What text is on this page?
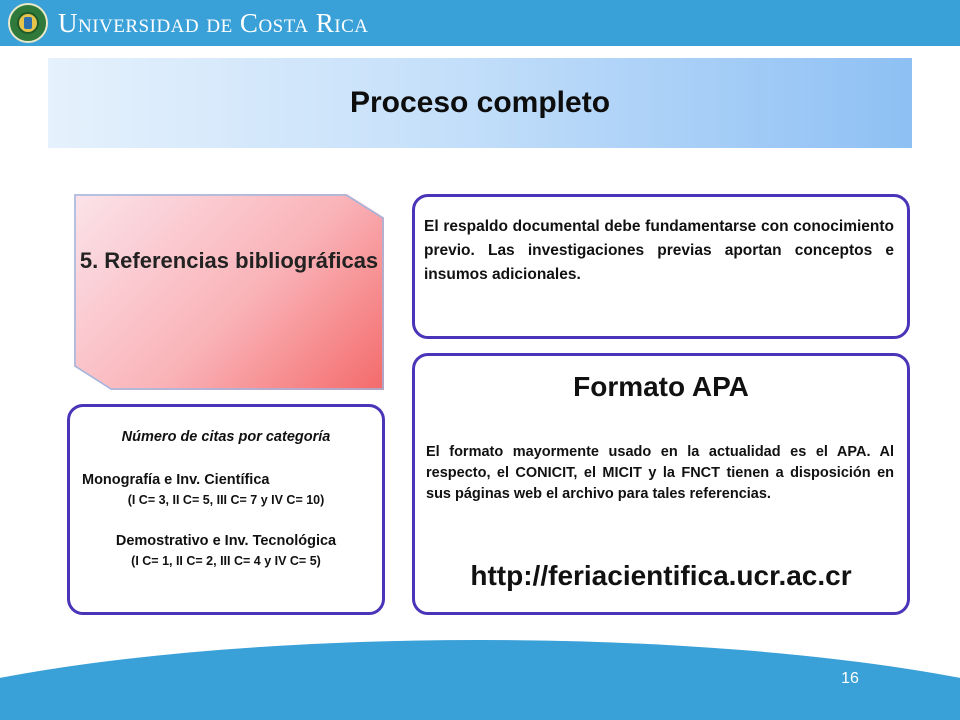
Universidad de Costa Rica
Proceso completo
5. Referencias bibliográficas
El respaldo documental debe fundamentarse con conocimiento previo. Las investigaciones previas aportan conceptos e insumos adicionales.
Formato APA
El formato mayormente usado en la actualidad es el APA. Al respecto, el CONICIT, el MICIT y la FNCT tienen a disposición en sus páginas web el archivo para tales referencias.
http://feriacientifica.ucr.ac.cr
Número de citas por categoría
Monografía e Inv. Científica
(I C= 3, II C= 5, III C= 7 y IV C= 10)
Demostrativo e Inv. Tecnológica
(I C= 1, II C= 2, III C= 4 y IV C= 5)
16
